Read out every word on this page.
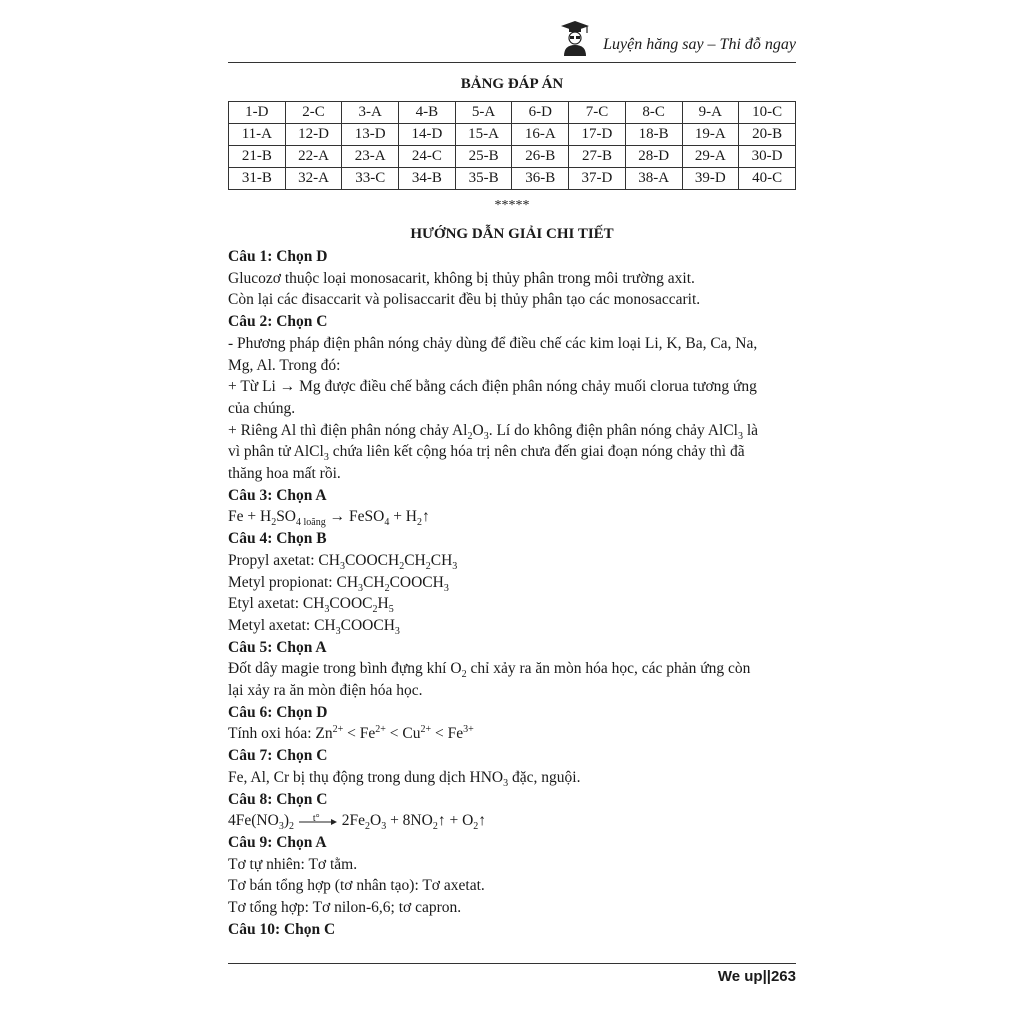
Luyện hăng say – Thi đỗ ngay
BẢNG ĐÁP ÁN
1-D	2-C	3-A	4-B	5-A	6-D	7-C	8-C	9-A	10-C
11-A	12-D	13-D	14-D	15-A	16-A	17-D	18-B	19-A	20-B
21-B	22-A	23-A	24-C	25-B	26-B	27-B	28-D	29-A	30-D
31-B	32-A	33-C	34-B	35-B	36-B	37-D	38-A	39-D	40-C
*****
HƯỚNG DẪN GIẢI CHI TIẾT
Câu 1: Chọn D
Glucozơ thuộc loại monosacarit, không bị thủy phân trong môi trường axit.
Còn lại các đisaccarit và polisaccarit đều bị thủy phân tạo các monosaccarit.
Câu 2: Chọn C
- Phương pháp điện phân nóng chảy dùng để điều chế các kim loại Li, K, Ba, Ca, Na,
Mg, Al. Trong đó:
+ Từ Li → Mg được điều chế bằng cách điện phân nóng chảy muối clorua tương ứng
của chúng.
+ Riêng Al thì điện phân nóng chảy $Al_2O_3$. Lí do không điện phân nóng chảy AlCl$_3$ là
vì phân tử AlCl$_3$ chứa liên kết cộng hóa trị nên chưa đến giai đoạn nóng chảy thì đã
thăng hoa mất rồi.
Câu 3: Chọn A
$Fe + H_2SO_{4 loãng}$ → FeSO$_4$ + $H_2↑$
Câu 4: Chọn B
Propyl axetat: $CH_3COOCH_2CH_2CH_3$
Metyl propionat: $CH_3CH_2COOCH_3$
Etyl axetat: $CH_3COOC_2H_5$
Metyl axetat: $CH_3COOCH_3$
Câu 5: Chọn A
Đốt dây magie trong bình đựng khí $O_2$ chỉ xảy ra ăn mòn hóa học, các phản ứng còn
lại xảy ra ăn mòn điện hóa học.
Câu 6: Chọn D
Tính oxi hóa: $Zn^{2+} < Fe^{2+} < Cu^{2+} < Fe^{3+}$
Câu 7: Chọn C
Fe, Al, Cr bị thụ động trong dung dịch $HNO_3$ đặc, nguội.
Câu 8: Chọn C
$4Fe(NO_3)_2$
t° $2Fe_2O_3$ + $8NO_2↑$ + $O_2↑$
Câu 9: Chọn A
Tơ tự nhiên: Tơ tằm.
Tơ bán tổng hợp (tơ nhân tạo): Tơ axetat.
Tơ tổng hợp: Tơ nilon-6,6; tơ capron.
Câu 10: Chọn C
We up||263
